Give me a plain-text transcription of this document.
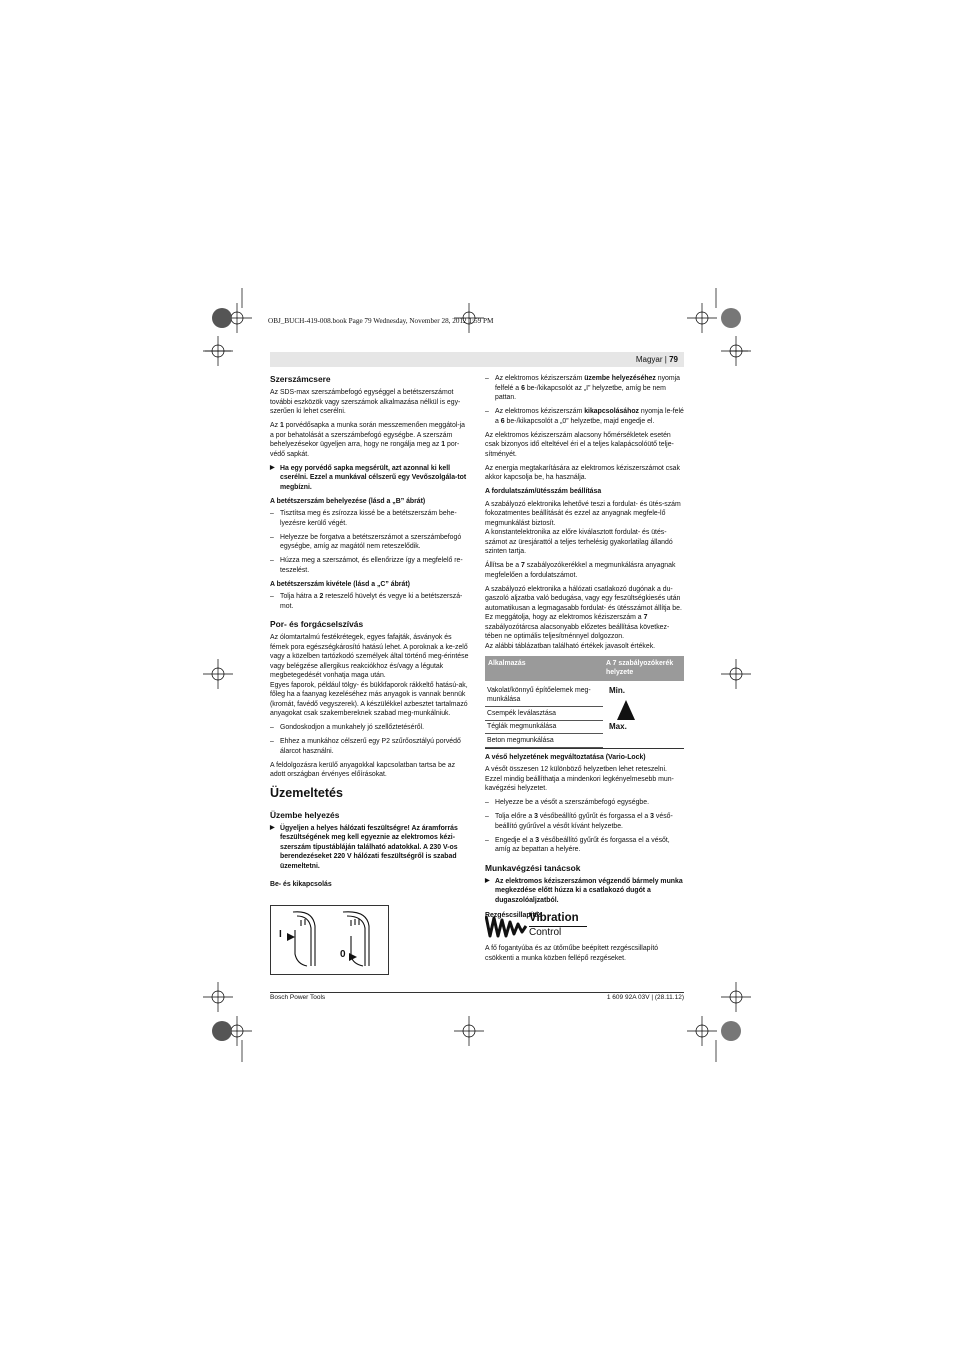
OBJ_BUCH-419-008.book Page 79 Wednesday, November 28, 2012 1:59 PM
Magyar | 79
Szerszámcsere

Az SDS-max szerszámbefogó egységgel a betétszerszámot további eszközök vagy szerszámok alkalmazása nélkül is egy-szerűen ki lehet cserélni.

Az 1 porvédősapka a munka során messzemenően meggátol-ja a por behatolását a szerszámbefogó egységbe. A szerszám behelyezésekor ügyeljen arra, hogy ne rongálja meg az 1 por-védő sapkát.

▶ Ha egy porvédő sapka megsérült, azt azonnal ki kell cserélni. Ezzel a munkával célszerű egy Vevőszolgála-tot megbízni.

A betétszerszám behelyezése (lásd a „B” ábrát)

– Tisztítsa meg és zsírozza kissé be a betétszerszám behe-lyezésre kerülő végét.

– Helyezze be forgatva a betétszerszámot a szerszámbefogó egységbe, amíg az magától nem reteszelődik.

– Húzza meg a szerszámot, és ellenőrizze így a megfelelő re-teszelést.

A betétszerszám kivétele (lásd a „C” ábrát)

– Tolja hátra a 2 reteszelő hüvelyt és vegye ki a betétszerszá-mot.

Por- és forgácselszívás

Az ólomtartalmú festékrétegek, egyes fafajták, ásványok és fémek pora egészségkárosító hatású lehet. A poroknak a ke-zelő vagy a közelben tartózkodó személyek által történő meg-érintése vagy belégzése allergikus reakciókhoz és/vagy a légutak megbetegedését vonhatja maga után.

Egyes faporok, például tölgy- és bükkfaporok rákkeltő hatású-ak, főleg ha a faanyag kezeléséhez más anyagok is vannak bennük (kromát, favédő vegyszerek). A készülékkel azbesztet tartalmazó anyagokat csak szakembereknek szabad meg-munkálniuk.

– Gondoskodjon a munkahely jó szellőztetéséről.

– Ehhez a munkához célszerű egy P2 szűrőosztályú porvédő álarcot használni.

A feldolgozásra kerülő anyagokkal kapcsolatban tartsa be az adott országban érvényes előírásokat.

Üzemeltetés
Üzembe helyezés

▶ Ügyeljen a helyes hálózati feszültségre! Az áramforrás feszültségének meg kell egyeznie az elektromos kézi-szerszám típustábláján található adatokkal. A 230 V-os berendezéseket 220 V hálózati feszültségről is szabad üzemeltetni.

Be- és kikapcsolás
I
0

– Az elektromos kéziszerszám üzembe helyezéséhez nyomja felfelé a 6 be-/kikapcsolót az „I” helyzetbe, amíg be nem pattan.

– Az elektromos kéziszerszám kikapcsolásához nyomja le-felé a 6 be-/kikapcsolót a „0” helyzetbe, majd engedje el.

Az elektromos kéziszerszám alacsony hőmérsékletek esetén csak bizonyos idő elteltével éri el a teljes kalapácsolóütő telje-sítményét.

Az energia megtakarítására az elektromos kéziszerszámot csak akkor kapcsolja be, ha használja.

A fordulatszám/ütésszám beállítása

A szabályozó elektronika lehetővé teszi a fordulat- és ütés-szám fokozatmentes beállítását és ezzel az anyagnak megfele-lő megmunkálást biztosít.

A konstantelektronika az előre kiválasztott fordulat- és ütés-számot az üresjárattól a teljes terhelésig gyakorlatilag állandó szinten tartja.

Állítsa be a 7 szabályozókerékkel a megmunkálásra anyagnak megfelelően a fordulatszámot.

A szabályozó elektronika a hálózati csatlakozó dugónak a du-gaszoló aljzatba való bedugása, vagy egy feszültségkiesés után automatikusan a legmagasabb fordulat- és ütésszámot állítja be. Ez meggátolja, hogy az elektromos kéziszerszám a 7 szabályozótárcsa alacsonyabb előzetes beállítása következ-tében ne optimális teljesítménnyel dolgozzon.

Az alábbi táblázatban található értékek javasolt értékek.

Alkalmazás	A 7 szabályozókerék helyzete
Vakolat/könnyű építőelemek meg-munkálása	Min.
Max.

Csempék leválasztása	
Téglák megmunkálása	
Beton megmunkálása	
A véső helyzetének megváltoztatása (Vario-Lock)

A vésőt összesen 12 különböző helyzetben lehet reteszelni. Ezzel mindig beállíthatja a mindenkori legkényelmesebb mun-kavégzési helyzetet.

– Helyezze be a vésőt a szerszámbefogó egységbe.

– Tolja előre a 3 vésőbeállító gyűrűt és forgassa el a 3 véső-beállító gyűrűvel a vésőt kívánt helyzetbe.

– Engedje el a 3 vésőbeállító gyűrűt és forgassa el a vésőt, amíg az bepattan a helyére.

Munkavégzési tanácsok

▶ Az elektromos kéziszerszámon végzendő bármely munka megkezdése előtt húzza ki a csatlakozó dugót a dugaszolóaljzatból.

Rezgéscsillapítás
Vibration
Control

A fő fogantyúba és az ütőműbe beépített rezgéscsillapító csökkenti a munka közben fellépő rezgéseket.

Bosch Power Tools	1 609 92A 03V | (28.11.12)
